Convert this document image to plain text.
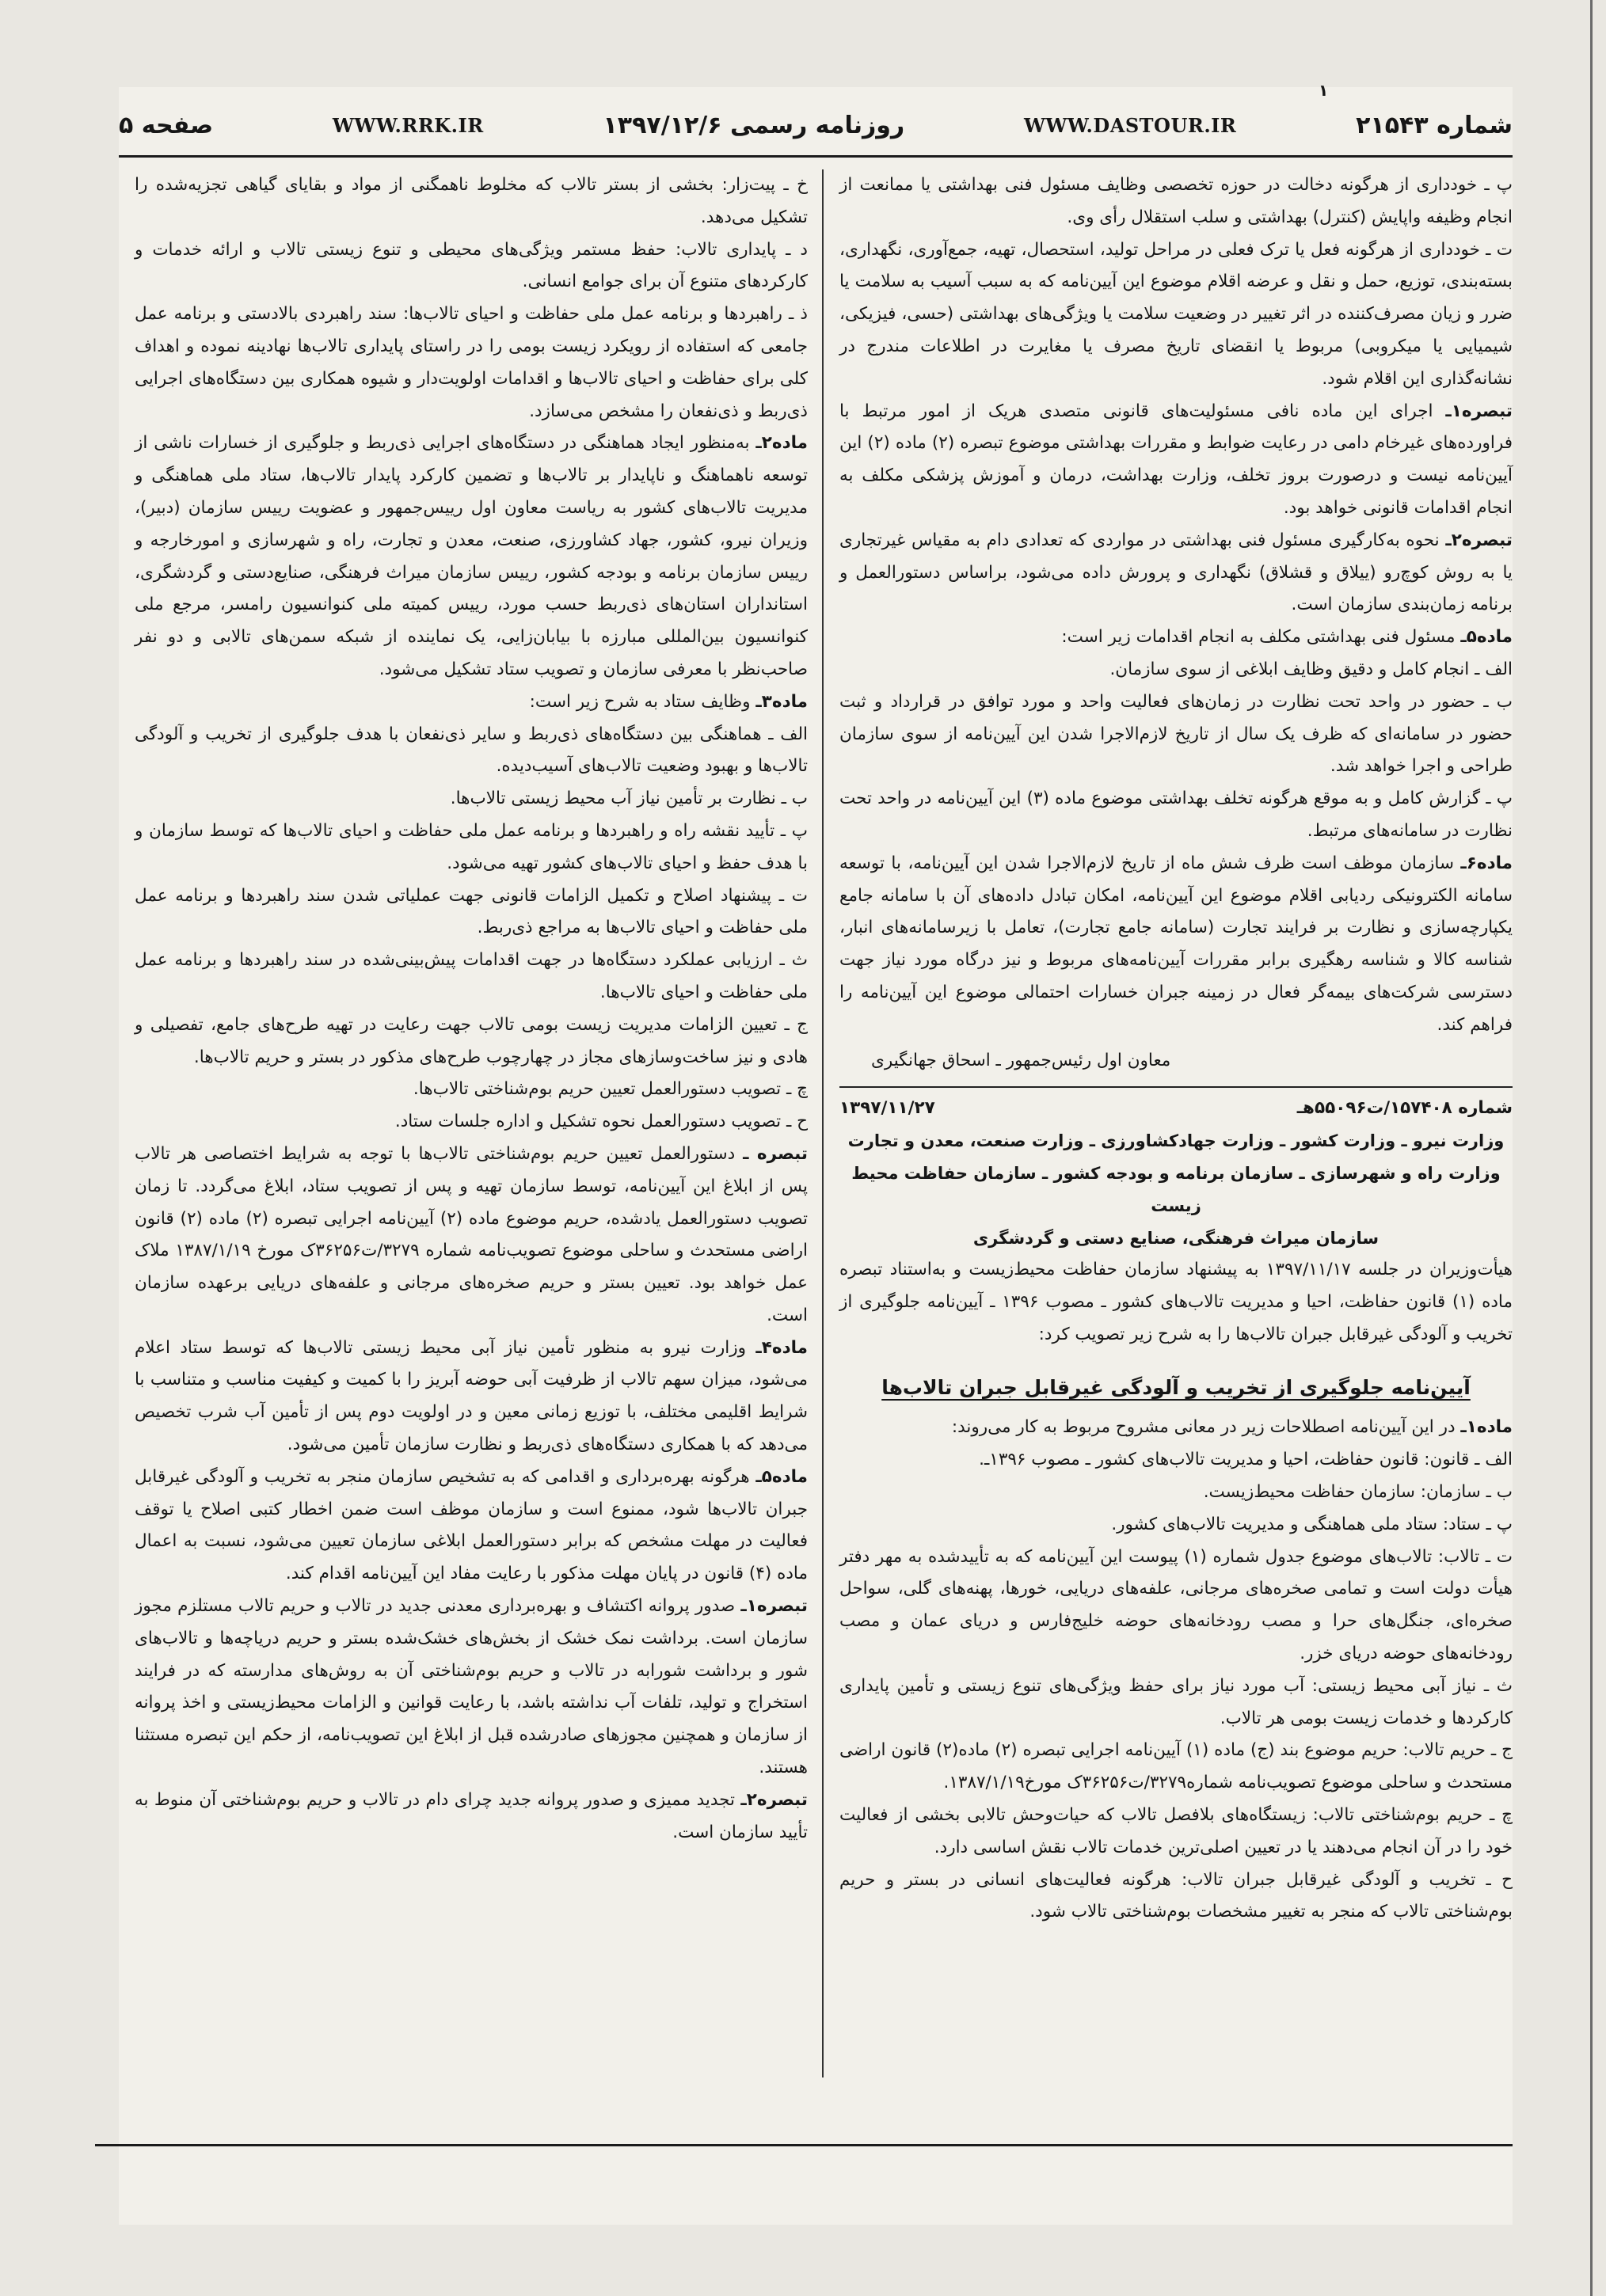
۱
شماره ۲۱۵۴۳
WWW.DASTOUR.IR
روزنامه رسمی ۱۳۹۷/۱۲/۶
WWW.RRK.IR
صفحه ۵

پ ـ خودداری از هرگونه دخالت در حوزه تخصصی وظایف مسئول فنی بهداشتی یا ممانعت از انجام وظیفه واپایش (کنترل) بهداشتی و سلب استقلال رأی وی.

ت ـ خودداری از هرگونه فعل یا ترک فعلی در مراحل تولید، استحصال، تهیه، جمع‌آوری، نگهداری، بسته‌بندی، توزیع، حمل و نقل و عرضه اقلام موضوع این آیین‌نامه که به سبب آسیب به سلامت یا ضرر و زیان مصرف‌کننده در اثر تغییر در وضعیت سلامت یا ویژگی‌های بهداشتی (حسی، فیزیکی، شیمیایی یا میکروبی) مربوط یا انقضای تاریخ مصرف یا مغایرت در اطلاعات مندرج در نشانه‌گذاری این اقلام شود.

تبصره۱ـ اجرای این ماده نافی مسئولیت‌های قانونی متصدی هریک از امور مرتبط با فراورده‌های غیرخام دامی در رعایت ضوابط و مقررات بهداشتی موضوع تبصره (۲) ماده (۲) این آیین‌نامه نیست و درصورت بروز تخلف، وزارت بهداشت، درمان و آموزش پزشکی مکلف به انجام اقدامات قانونی خواهد بود.

تبصره۲ـ نحوه به‌کارگیری مسئول فنی بهداشتی در مواردی که تعدادی دام به مقیاس غیرتجاری یا به روش کوچ‌رو (ییلاق و قشلاق) نگهداری و پرورش داده می‌شود، براساس دستورالعمل و برنامه زمان‌بندی سازمان است.

ماده۵ـ مسئول فنی بهداشتی مکلف به انجام اقدامات زیر است:

الف ـ انجام کامل و دقیق وظایف ابلاغی از سوی سازمان.

ب ـ حضور در واحد تحت نظارت در زمان‌های فعالیت واحد و مورد توافق در قرارداد و ثبت حضور در سامانه‌ای که ظرف یک سال از تاریخ لازم‌الاجرا شدن این آیین‌نامه از سوی سازمان طراحی و اجرا خواهد شد.

پ ـ گزارش کامل و به موقع هرگونه تخلف بهداشتی موضوع ماده (۳) این آیین‌نامه در واحد تحت نظارت در سامانه‌های مرتبط.

ماده۶ـ سازمان موظف است ظرف شش ماه از تاریخ لازم‌الاجرا شدن این آیین‌نامه، با توسعه سامانه الکترونیکی ردیابی اقلام موضوع این آیین‌نامه، امکان تبادل داده‌های آن با سامانه جامع یکپارچه‌سازی و نظارت بر فرایند تجارت (سامانه جامع تجارت)، تعامل با زیرسامانه‌های انبار، شناسه کالا و شناسه رهگیری برابر مقررات آیین‌نامه‌های مربوط و نیز درگاه مورد نیاز جهت دسترسی شرکت‌های بیمه‌گر فعال در زمینه جبران خسارات احتمالی موضوع این آیین‌نامه را فراهم کند.

معاون اول رئیس‌جمهور ـ اسحاق جهانگیری

شماره ۱۵۷۴۰۸/ت۵۵۰۹۶هـ
۱۳۹۷/۱۱/۲۷

وزارت نیرو ـ وزارت کشور ـ وزارت جهادکشاورزی ـ وزارت صنعت، معدن و تجارت

وزارت راه و شهرسازی ـ سازمان برنامه و بودجه کشور ـ سازمان حفاظت محیط زیست

سازمان میراث فرهنگی، صنایع دستی و گردشگری

هیأت‌وزیران در جلسه ۱۳۹۷/۱۱/۱۷ به پیشنهاد سازمان حفاظت محیط‌زیست و به‌استناد تبصره ماده (۱) قانون حفاظت، احیا و مدیریت تالاب‌های کشور ـ مصوب ۱۳۹۶ ـ آیین‌نامه جلوگیری از تخریب و آلودگی غیرقابل جبران تالاب‌ها را به شرح زیر تصویب کرد:

آیین‌نامه جلوگیری از تخریب و آلودگی غیرقابل جبران تالاب‌ها

ماده۱ـ در این آیین‌نامه اصطلاحات زیر در معانی مشروح مربوط به کار می‌روند:

الف ـ قانون: قانون حفاظت، احیا و مدیریت تالاب‌های کشور ـ مصوب ۱۳۹۶ـ.

ب ـ سازمان: سازمان حفاظت محیط‌زیست.

پ ـ ستاد: ستاد ملی هماهنگی و مدیریت تالاب‌های کشور.

ت ـ تالاب: تالاب‌های موضوع جدول شماره (۱) پیوست این آیین‌نامه که به تأییدشده به مهر دفتر هیأت دولت است و تمامی صخره‌های مرجانی، علفه‌های دریایی، خورها، پهنه‌های گلی، سواحل صخره‌ای، جنگل‌های حرا و مصب رودخانه‌های حوضه خلیج‌فارس و دریای عمان و مصب رودخانه‌های حوضه دریای خزر.

ث ـ نیاز آبی محیط زیستی: آب مورد نیاز برای حفظ ویژگی‌های تنوع زیستی و تأمین پایداری کارکردها و خدمات زیست بومی هر تالاب.

ج ـ حریم تالاب: حریم موضوع بند (ج) ماده (۱) آیین‌نامه اجرایی تبصره (۲) ماده(۲) قانون اراضی مستحدث و ساحلی موضوع تصویب‌نامه شماره۳۲۷۹/ت۳۶۲۵۶ک مورخ۱۳۸۷/۱/۱۹.

چ ـ حریم بوم‌شناختی تالاب: زیستگاه‌های بلافصل تالاب که حیات‌وحش تالابی بخشی از فعالیت خود را در آن انجام می‌دهند یا در تعیین اصلی‌ترین خدمات تالاب نقش اساسی دارد.

ح ـ تخریب و آلودگی غیرقابل جبران تالاب: هرگونه فعالیت‌های انسانی در بستر و حریم بوم‌شناختی تالاب که منجر به تغییر مشخصات بوم‌شناختی تالاب شود.

خ ـ پیت‌زار: بخشی از بستر تالاب که مخلوط ناهمگنی از مواد و بقایای گیاهی تجزیه‌شده را تشکیل می‌دهد.

د ـ پایداری تالاب: حفظ مستمر ویژگی‌های محیطی و تنوع زیستی تالاب و ارائه خدمات و کارکردهای متنوع آن برای جوامع انسانی.

ذ ـ راهبردها و برنامه عمل ملی حفاظت و احیای تالاب‌ها: سند راهبردی بالادستی و برنامه عمل جامعی که استفاده از رویکرد زیست بومی را در راستای پایداری تالاب‌ها نهادینه نموده و اهداف کلی برای حفاظت و احیای تالاب‌ها و اقدامات اولویت‌دار و شیوه همکاری بین دستگاه‌های اجرایی ذی‌ربط و ذی‌نفعان را مشخص می‌سازد.

ماده۲ـ به‌منظور ایجاد هماهنگی در دستگاه‌های اجرایی ذی‌ربط و جلوگیری از خسارات ناشی از توسعه ناهماهنگ و ناپایدار بر تالاب‌ها و تضمین کارکرد پایدار تالاب‌ها، ستاد ملی هماهنگی و مدیریت تالاب‌های کشور به ریاست معاون اول رییس‌جمهور و عضویت رییس سازمان (دبیر)، وزیران نیرو، کشور، جهاد کشاورزی، صنعت، معدن و تجارت، راه و شهرسازی و امورخارجه و رییس سازمان برنامه و بودجه کشور، رییس سازمان میراث فرهنگی، صنایع‌دستی و گردشگری، استانداران استان‌های ذی‌ربط حسب مورد، رییس کمیته ملی کنوانسیون رامسر، مرجع ملی کنوانسیون بین‌المللی مبارزه با بیابان‌زایی، یک نماینده از شبکه سمن‌های تالابی و دو نفر صاحب‌نظر با معرفی سازمان و تصویب ستاد تشکیل می‌شود.

ماده۳ـ وظایف ستاد به شرح زیر است:

الف ـ هماهنگی بین دستگاه‌های ذی‌ربط و سایر ذی‌نفعان با هدف جلوگیری از تخریب و آلودگی تالاب‌ها و بهبود وضعیت تالاب‌های آسیب‌دیده.

ب ـ نظارت بر تأمین نیاز آب محیط زیستی تالاب‌ها.

پ ـ تأیید نقشه راه و راهبردها و برنامه عمل ملی حفاظت و احیای تالاب‌ها که توسط سازمان و با هدف حفظ و احیای تالاب‌های کشور تهیه می‌شود.

ت ـ پیشنهاد اصلاح و تکمیل الزامات قانونی جهت عملیاتی شدن سند راهبردها و برنامه عمل ملی حفاظت و احیای تالاب‌ها به مراجع ذی‌ربط.

ث ـ ارزیابی عملکرد دستگاه‌ها در جهت اقدامات پیش‌بینی‌شده در سند راهبردها و برنامه عمل ملی حفاظت و احیای تالاب‌ها.

ج ـ تعیین الزامات مدیریت زیست بومی تالاب جهت رعایت در تهیه طرح‌های جامع، تفصیلی و هادی و نیز ساخت‌وسازهای مجاز در چهارچوب طرح‌های مذکور در بستر و حریم تالاب‌ها.

چ ـ تصویب دستورالعمل تعیین حریم بوم‌شناختی تالاب‌ها.

ح ـ تصویب دستورالعمل نحوه تشکیل و اداره جلسات ستاد.

تبصره ـ دستورالعمل تعیین حریم بوم‌شناختی تالاب‌ها با توجه به شرایط اختصاصی هر تالاب پس از ابلاغ این آیین‌نامه، توسط سازمان تهیه و پس از تصویب ستاد، ابلاغ می‌گردد. تا زمان تصویب دستورالعمل یادشده، حریم موضوع ماده (۲) آیین‌نامه اجرایی تبصره (۲) ماده (۲) قانون اراضی مستحدث و ساحلی موضوع تصویب‌نامه شماره ۳۲۷۹/ت۳۶۲۵۶ک مورخ ۱۳۸۷/۱/۱۹ ملاک عمل خواهد بود. تعیین بستر و حریم صخره‌های مرجانی و علفه‌های دریایی برعهده سازمان است.

ماده۴ـ وزارت نیرو به منظور تأمین نیاز آبی محیط زیستی تالاب‌ها که توسط ستاد اعلام می‌شود، میزان سهم تالاب از ظرفیت آبی حوضه آبریز را با کمیت و کیفیت مناسب و متناسب با شرایط اقلیمی مختلف، با توزیع زمانی معین و در اولویت دوم پس از تأمین آب شرب تخصیص می‌دهد که با همکاری دستگاه‌های ذی‌ربط و نظارت سازمان تأمین می‌شود.

ماده۵ـ هرگونه بهره‌برداری و اقدامی که به تشخیص سازمان منجر به تخریب و آلودگی غیرقابل جبران تالاب‌ها شود، ممنوع است و سازمان موظف است ضمن اخطار کتبی اصلاح یا توقف فعالیت در مهلت مشخص که برابر دستورالعمل ابلاغی سازمان تعیین می‌شود، نسبت به اعمال ماده (۴) قانون در پایان مهلت مذکور با رعایت مفاد این آیین‌نامه اقدام کند.

تبصره۱ـ صدور پروانه اکتشاف و بهره‌برداری معدنی جدید در تالاب و حریم تالاب مستلزم مجوز سازمان است. برداشت نمک خشک از بخش‌های خشک‌شده بستر و حریم دریاچه‌ها و تالاب‌های شور و برداشت شورابه در تالاب و حریم بوم‌شناختی آن به روش‌های مدارسته که در فرایند استخراج و تولید، تلفات آب نداشته باشد، با رعایت قوانین و الزامات محیط‌زیستی و اخذ پروانه از سازمان و همچنین مجوزهای صادرشده قبل از ابلاغ این تصویب‌نامه، از حکم این تبصره مستثنا هستند.

تبصره۲ـ تجدید ممیزی و صدور پروانه جدید چرای دام در تالاب و حریم بوم‌شناختی آن منوط به تأیید سازمان است.
